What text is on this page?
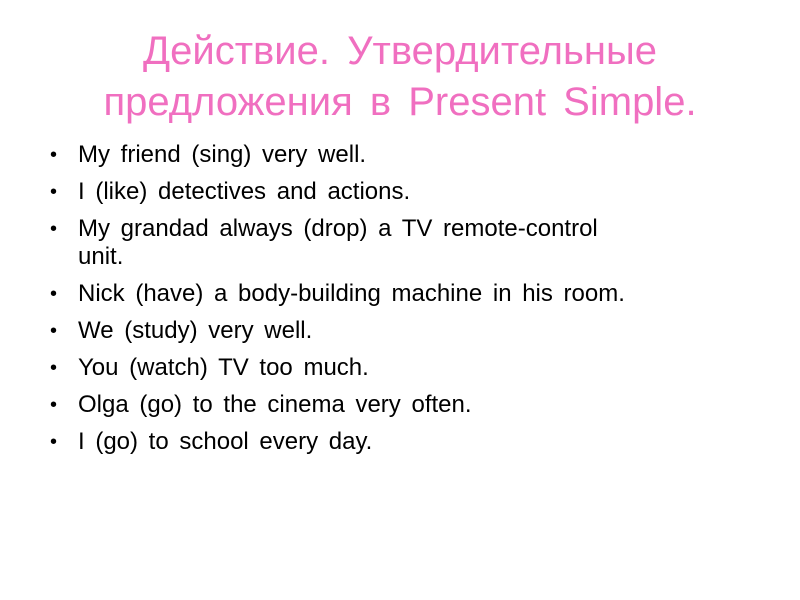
Действие. Утвердительные
предложения в Present Simple.
• My friend (sing) very well.
• I (like) detectives and actions.
• My grandad always (drop) a TV remote-control unit.
• Nick (have) a body-building machine in his room.
• We (study) very well.
• You (watch) TV too much.
• Olga (go) to the cinema very often.
• I (go) to school every day.
